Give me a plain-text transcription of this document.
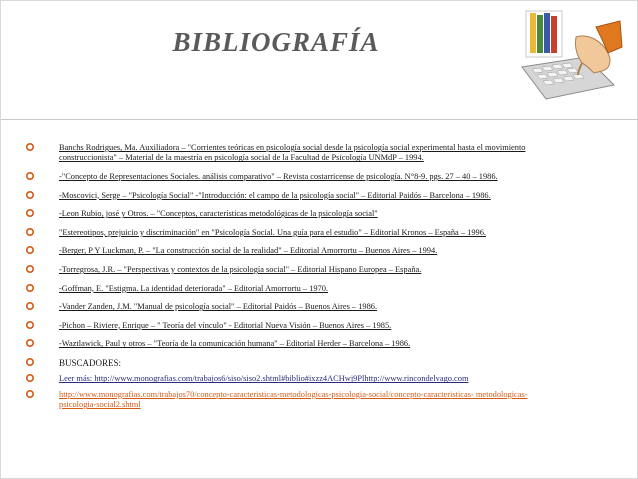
BIBLIOGRAFÍA
Banchs Rodrigues, Ma. Auxiliadora – "Corrientes teóricas en psicología social desde la psicología social experimental hasta el movimiento construccionista" – Material de la maestría en psicología social de la Facultad de Psicología UNMdP – 1994.
-"Concepto de Representaciones Sociales. análisis comparativo" – Revista costarricense de psicología. N°8-9. pgs. 27 – 40 – 1986.
-Moscovici, Serge – "Psicología Social" -"Introducción: el campo de la psicología social" – Editorial Paidós – Barcelona – 1986.
-Leon Rubio, josé y Otros. – "Conceptos, características metodológicas de la psicología social"
"Estereotipos, prejuicio y discriminación" en "Psicología Social. Una guía para el estudio" – Editorial Kronos – España – 1996.
-Berger, P Y Luckman, P. – "La construcción social de la realidad" – Editorial Amorrortu – Buenos Aires – 1994.
-Torregrosa, J.R. – "Perspectivas y contextos de la psicología social" – Editorial Hispano Europea – España.
-Goffman, E. "Estigma. La identidad deteriorada" – Editorial Amorrortu – 1970.
-Vander Zanden, J.M. "Manual de psicología social" – Editorial Paidós – Buenos Aires – 1986.
-Pichon – Riviere, Enrique – " Teoría del vínculo" - Editorial Nueva Visión – Buenos Aires – 1985.
-Waztlawick, Paul y otros – "Teoría de la comunicación humana" – Editorial Herder – Barcelona – 1986.
BUSCADORES:
Leer más: http://www.monografias.com/trabajos6/siso/siso2.shtml#biblio#ixzz4ACHwj9Plhttp://www.rincondelvago.com
http://www.monografias.com/trabajos70/concepto-caracteristicas-metodologicas-psicologia-social/concepto-caracteristicas- metodologicas-psicologia-social2.shtml
